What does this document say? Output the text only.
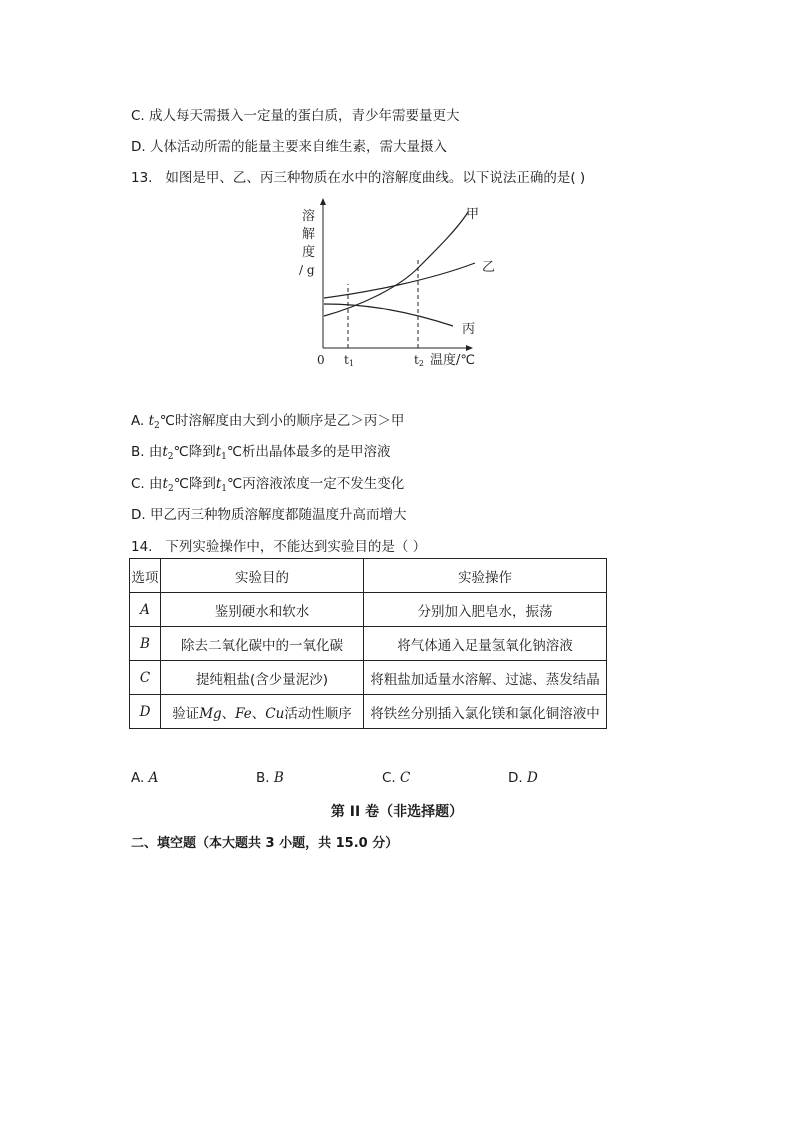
C. 成人每天需摄入一定量的蛋白质，青少年需要量更大
D. 人体活动所需的能量主要来自维生素，需大量摄入
13. 如图是甲、乙、丙三种物质在水中的溶解度曲线。以下说法正确的是( )
溶
解
度
/ g
甲
乙
丙
0 t1	t2 温度/℃
A. $t_2℃$时溶解度由大到小的顺序是乙＞丙＞甲
B. 由$t_2℃$降到$t_1℃$析出晶体最多的是甲溶液
C. 由$t_2℃$降到$t_1℃$丙溶液浓度一定不发生变化
D. 甲乙丙三种物质溶解度都随温度升高而增大
14. 下列实验操作中，不能达到实验目的是（ ）
选项	实验目的	实验操作
A	鉴别硬水和软水	分别加入肥皂水，振荡
B	除去二氧化碳中的一氧化碳	将气体通入足量氢氧化钠溶液
C	提纯粗盐(含少量泥沙)	将粗盐加适量水溶解、过滤、蒸发结晶
D	验证Mg、Fe、Cu活动性顺序	将铁丝分别插入氯化镁和氯化铜溶液中
A. A	B. B	C. C	D. D
第 II 卷（非选择题）
二、填空题（本大题共 3 小题，共 15.0 分）
